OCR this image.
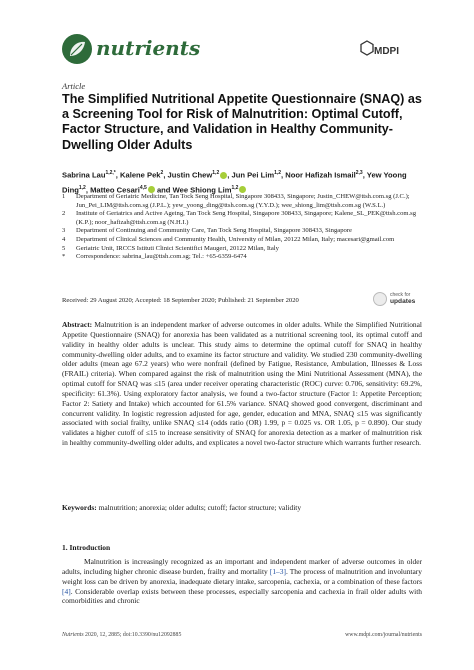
nutrients	MDPI
Article
The Simplified Nutritional Appetite Questionnaire (SNAQ) as a Screening Tool for Risk of Malnutrition: Optimal Cutoff, Factor Structure, and Validation in Healthy Community-Dwelling Older Adults
Sabrina Lau$^{1,2,*}$, Kalene Pek$^2$, Justin Chew$^{1,2}$ , Jun Pei Lim$^{1,2}$, Noor Hafizah Ismail$^{2,3}$, Yew Yoong Ding$^{1,2}$, Matteo Cesari$^{4,5}$ and Wee Shiong Lim$^{1,2}$
1 Department of Geriatric Medicine, Tan Tock Seng Hospital, Singapore 308433, Singapore; Justin_CHEW@ttsh.com.sg (J.C.); Jun_Pei_LIM@ttsh.com.sg (J.P.L.); yew_yoong_ding@ttsh.com.sg (Y.Y.D.); wee_shiong_lim@ttsh.com.sg (W.S.L.)
2 Institute of Geriatrics and Active Ageing, Tan Tock Seng Hospital, Singapore 308433, Singapore; Kalene_SL_PEK@ttsh.com.sg (K.P.); noor_hafizah@ttsh.com.sg (N.H.I.)
3 Department of Continuing and Community Care, Tan Tock Seng Hospital, Singapore 308433, Singapore
4 Department of Clinical Sciences and Community Health, University of Milan, 20122 Milan, Italy; macesari@gmail.com
5 Geriatric Unit, IRCCS Istituti Clinici Scientifici Maugeri, 20122 Milan, Italy
* Correspondence: sabrina_lau@ttsh.com.sg; Tel.: +65-6359-6474
Received: 29 August 2020; Accepted: 18 September 2020; Published: 21 September 2020
check for
updates
Abstract: Malnutrition is an independent marker of adverse outcomes in older adults. While the Simplified Nutritional Appetite Questionnaire (SNAQ) for anorexia has been validated as a nutritional screening tool, its optimal cutoff and validity in healthy older adults is unclear. This study aims to determine the optimal cutoff for SNAQ in healthy community-dwelling older adults, and to examine its factor structure and validity. We studied 230 community-dwelling older adults (mean age 67.2 years) who were nonfrail (defined by Fatigue, Resistance, Ambulation, Illnesses & Loss (FRAIL) criteria). When compared against the risk of malnutrition using the Mini Nutritional Assessment (MNA), the optimal cutoff for SNAQ was ≤15 (area under receiver operating characteristic (ROC) curve: 0.706, sensitivity: 69.2%, specificity: 61.3%). Using exploratory factor analysis, we found a two-factor structure (Factor 1: Appetite Perception; Factor 2: Satiety and Intake) which accounted for 61.5% variance. SNAQ showed good convergent, discriminant and concurrent validity. In logistic regression adjusted for age, gender, education and MNA, SNAQ ≤15 was significantly associated with social frailty, unlike SNAQ ≤14 (odds ratio (OR) 1.99, p = 0.025 vs. OR 1.05, p = 0.890). Our study validates a higher cutoff of ≤15 to increase sensitivity of SNAQ for anorexia detection as a marker of malnutrition risk in healthy community-dwelling older adults, and explicates a novel two-factor structure which warrants further research.
Keywords: malnutrition; anorexia; older adults; cutoff; factor structure; validity
1. Introduction
Malnutrition is increasingly recognized as an important and independent marker of adverse outcomes in older adults, including higher chronic disease burden, frailty and mortality [1–3]. The process of malnutrition and involuntary weight loss can be driven by anorexia, inadequate dietary intake, sarcopenia, cachexia, or a combination of these factors [4]. Considerable overlap exists between these processes, especially sarcopenia and cachexia in frail older adults with comorbidities and chronic
Nutrients 2020, 12, 2885; doi:10.3390/nu12092885	www.mdpi.com/journal/nutrients
